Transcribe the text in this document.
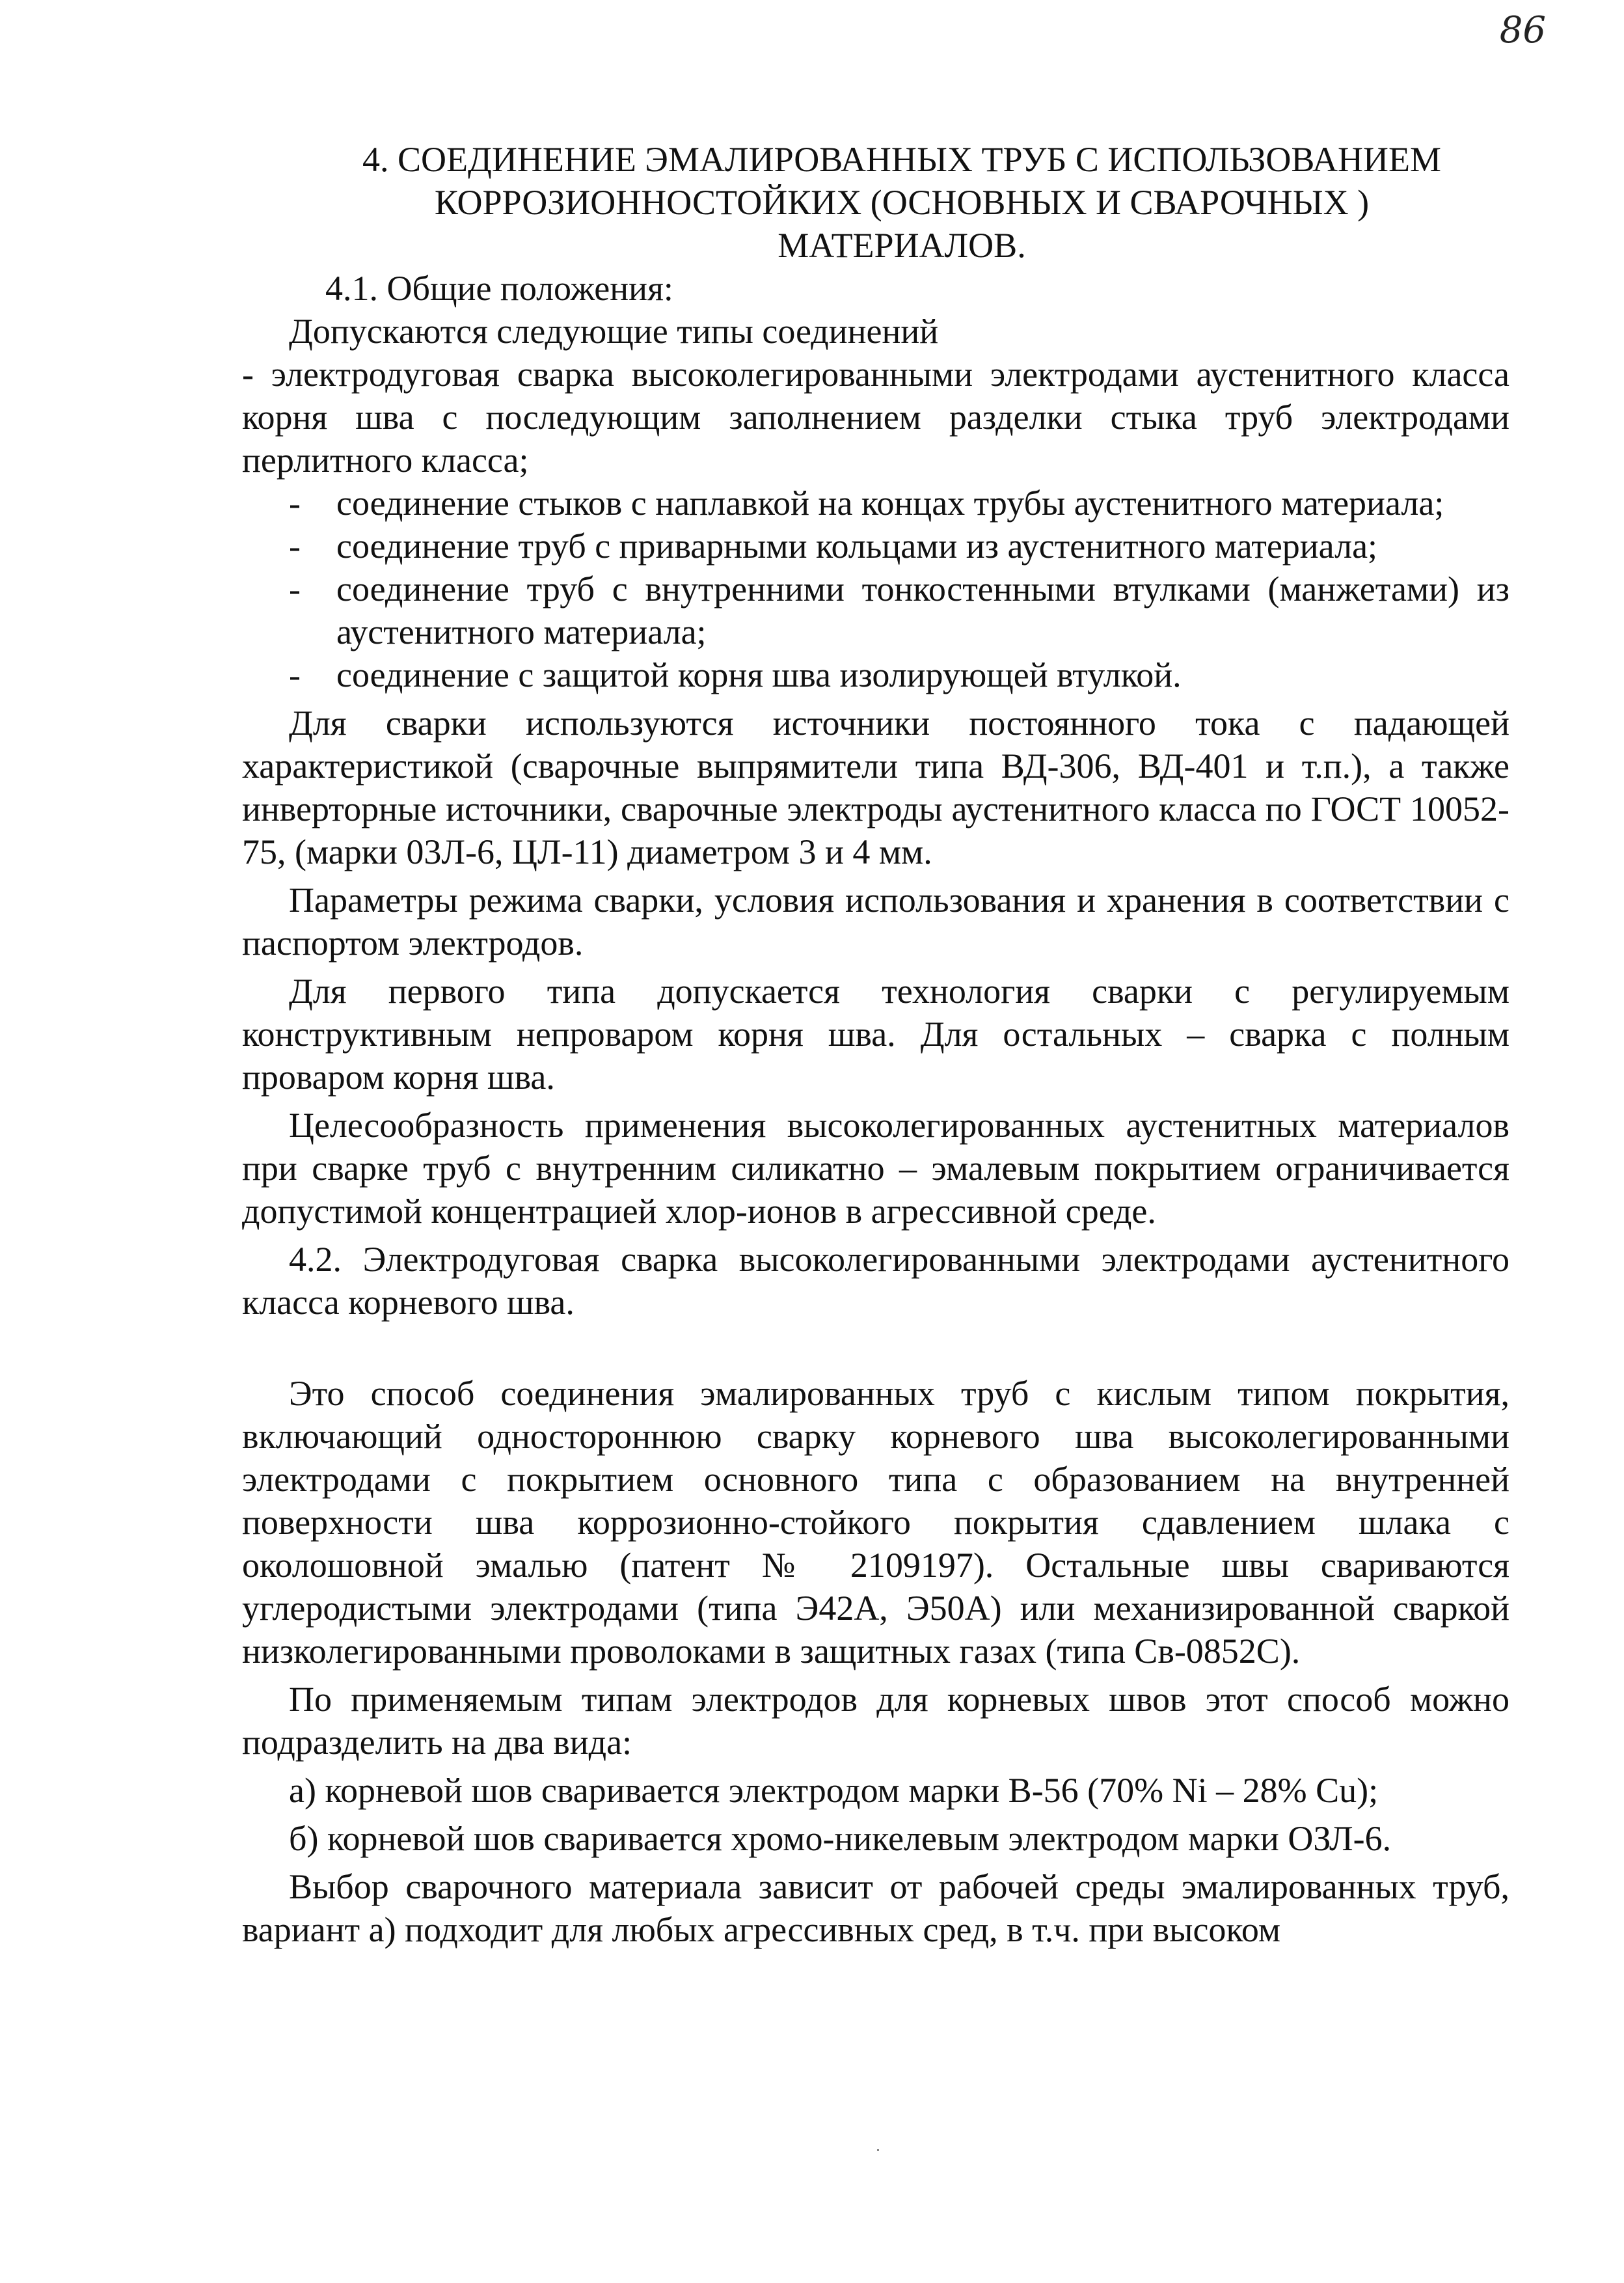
86
4. СОЕДИНЕНИЕ ЭМАЛИРОВАННЫХ ТРУБ С ИСПОЛЬЗОВАНИЕМ
КОРРОЗИОННОСТОЙКИХ (ОСНОВНЫХ И СВАРОЧНЫХ )
МАТЕРИАЛОВ.

4.1. Общие положения:

Допускаются следующие типы соединений

- электродуговая сварка высоколегированными электродами аустенитного класса корня шва с последующим заполнением разделки стыка труб электродами перлитного класса;

- соединение стыков с наплавкой на концах трубы аустенитного материала;
- соединение труб с приварными кольцами из аустенитного материала;
- соединение труб с внутренними тонкостенными втулками (манжетами) из аустенитного материала;
- соединение с защитой корня шва изолирующей втулкой.

Для сварки используются источники постоянного тока с падающей характеристикой (сварочные выпрямители типа ВД-306, ВД-401 и т.п.), а также инверторные источники, сварочные электроды аустенитного класса по ГОСТ 10052-75, (марки 03Л-6, ЦЛ-11) диаметром 3 и 4 мм.

Параметры режима сварки, условия использования и хранения в соответствии с паспортом электродов.

Для первого типа допускается технология сварки с регулируемым конструктивным непроваром корня шва. Для остальных – сварка с полным проваром корня шва.

Целесообразность применения высоколегированных аустенитных материалов при сварке труб с внутренним силикатно – эмалевым покрытием ограничивается допустимой концентрацией хлор-ионов в агрессивной среде.

4.2. Электродуговая сварка высоколегированными электродами аустенитного класса корневого шва.

Это способ соединения эмалированных труб с кислым типом покрытия, включающий одностороннюю сварку корневого шва высоколегированными электродами с покрытием основного типа с образованием на внутренней поверхности шва коррозионно-стойкого покрытия сдавлением шлака с околошовной эмалью (патент № 2109197). Остальные швы свариваются углеродистыми электродами (типа Э42А, Э50А) или механизированной сваркой низколегированными проволоками в защитных газах (типа Св-0852С).

По применяемым типам электродов для корневых швов этот способ можно подразделить на два вида:

а) корневой шов сваривается электродом марки В-56 (70% Ni – 28% Cu);

б) корневой шов сваривается хромо-никелевым электродом марки ОЗЛ-6.

Выбор сварочного материала зависит от рабочей среды эмалированных труб, вариант а) подходит для любых агрессивных сред, в т.ч. при высоком
